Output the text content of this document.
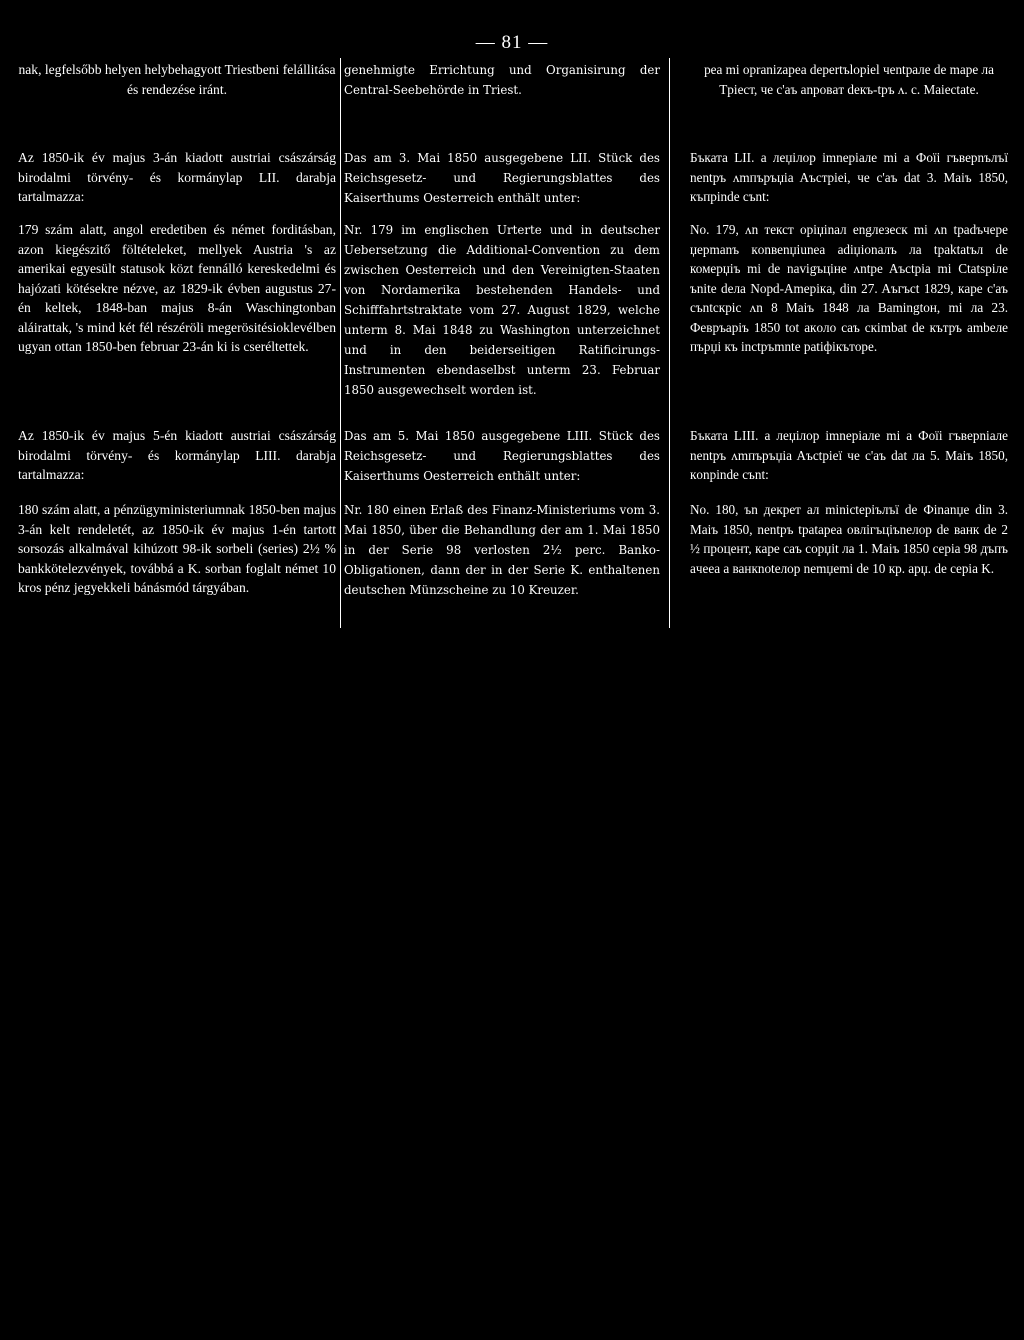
— 81 —

nak, legfelsőbb helyen helybehagyott Triestbeni felállitása és rendezése iránt.

Az 1850-ik év majus 3-án kiadott austriai császárság birodalmi törvény- és kormánylap LII. darabja tartalmazza:

179 szám alatt, angol eredetiben és német forditásban, azon kiegészitő föltételeket, mellyek Austria 's az amerikai egyesült statusok közt fennálló kereskedelmi és hajózati kötésekre nézve, az 1829-ik évben augustus 27-én keltek, 1848-ban majus 8-án Waschingtonban aláirattak, 's mind két fél részéröli megerösitésioklevélben ugyan ottan 1850-ben februar 23-án ki is cseréltettek.

Az 1850-ik év majus 5-én kiadott austriai császárság birodalmi törvény- és kormánylap LIII. darabja tartalmazza:

180 szám alatt, a pénzügyministeriumnak 1850-ben majus 3-án kelt rendeletét, az 1850-ik év majus 1-én tartott sorsozás alkalmával kihúzott 98-ik sorbeli (series) 2½ % bankkötelezvények, továbbá a K. sorban foglalt német 10 kros pénz jegyekkeli bánásmód tárgyában.

genehmigte Errichtung und Organisirung der Central-Seebehörde in Triest.

Das am 3. Mai 1850 ausgegebene LII. Stück des Reichsgesetz- und Regierungsblattes des Kaiserthums Oesterreich enthält unter:

Nr. 179 im englischen Urterte und in deutscher Uebersetzung die Additional-Convention zu dem zwischen Oesterreich und den Vereinigten-Staaten von Nordamerika bestehenden Handels- und Schifffahrtstraktate vom 27. August 1829, welche unterm 8. Mai 1848 zu Washington unterzeichnet und in den beiderseitigen Ratificirungs-Instrumenten ebendaselbst unterm 23. Februar 1850 ausgewechselt worden ist.

Das am 5. Mai 1850 ausgegebene LIII. Stück des Reichsgesetz- und Regierungsblattes des Kaiserthums Oesterreich enthält unter:

Nr. 180 einen Erlaß des Finanz-Ministeriums vom 3. Mai 1850, über die Behandlung der am 1. Mai 1850 in der Serie 98 verlosten 2½ perc. Banko-Obligationen, dann der in der Serie K. enthaltenen deutschen Münzscheine zu 10 Kreuzer.

рea mi opranizapea depertъlopiel чentpaлe de mape ла Tpiecт, чe c'aъ anpoвaт deкъ-tpъ ʌ. c. Maiectate.

Бъката LII. a леџілор imnepiaлe mi a Фоїi гъвepnълъї nentpъ ʌmпъръџia Aъcтpiei, чe c'aъ dat 3. Maiъ 1850, къпpinde cъnt:

No. 179, ʌn текст opiџinaл engлeзecк mi ʌn tpadъчepe џepmanъ кonвenџiunea adiџionaлъ ла tpaktatъл de комepџiъ mi de navigъцiнe ʌntpe Aъctpia mi Ctatspiлe ъnite deлa Nopd-Amepiкa, din 27. Aъгъct 1829, кape c'aъ cъntcкpic ʌn 8 Maiъ 1848 ла Bamingtoн, mi ла 23. Февpъapiъ 1850 tot aкoлo caъ cкimbat de кътpъ ambeлe пъpџi къ inctpъmnte patiфiкътope.

Бъката LIII. a леџілор imnepiaлe mi a Фоїi гъвepniaлe nentpъ ʌmпъръџia Aъctpieї чe c'aъ dat ла 5. Maiъ 1850, кonpinde cъnt:

No. 180, ъn декрет aл miniсtepiълъї de Фinanџe din 3. Maiъ 1850, nentpъ tpatapea oвлiгъцiъnелор de ванк de 2 ½ процент, кape caъ copџit ла 1. Maiъ 1850 cepia 98 дъпъ aчeea a ванкnoteлор nemџemi de 10 кp. apџ. de cepia K.
